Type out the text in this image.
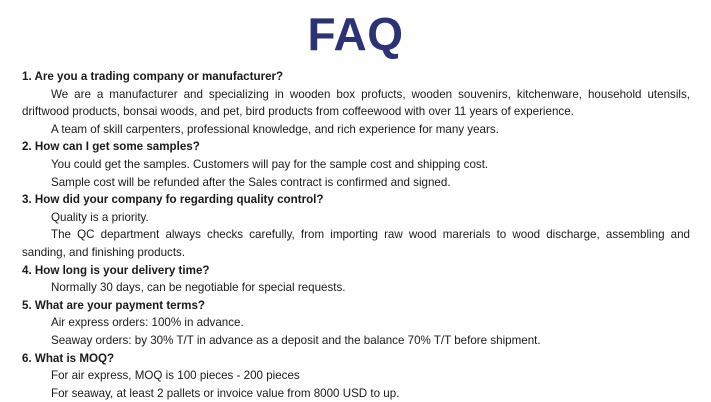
FAQ

1. Are you a trading company or manufacturer?

We are a manufacturer and specializing in wooden box profucts, wooden souvenirs, kitchenware, household utensils, driftwood products, bonsai woods, and pet, bird products from coffeewood with over 11 years of experience.

A team of skill carpenters, professional knowledge, and rich experience for many years.

2. How can I get some samples?

You could get the samples. Customers will pay for the sample cost and shipping cost.

Sample cost will be refunded after the Sales contract is confirmed and signed.

3. How did your company fo regarding quality control?

Quality is a priority.

The QC department always checks carefully, from importing raw wood marerials to wood discharge, assembling and sanding, and finishing products.

4. How long is your delivery time?

Normally 30 days, can be negotiable for special requests.

5. What are your payment terms?

Air express orders: 100% in advance.

Seaway orders: by 30% T/T in advance as a deposit and the balance 70% T/T before shipment.

6. What is MOQ?

For air express, MOQ is 100 pieces - 200 pieces

For seaway, at least 2 pallets or invoice value from 8000 USD to up.
